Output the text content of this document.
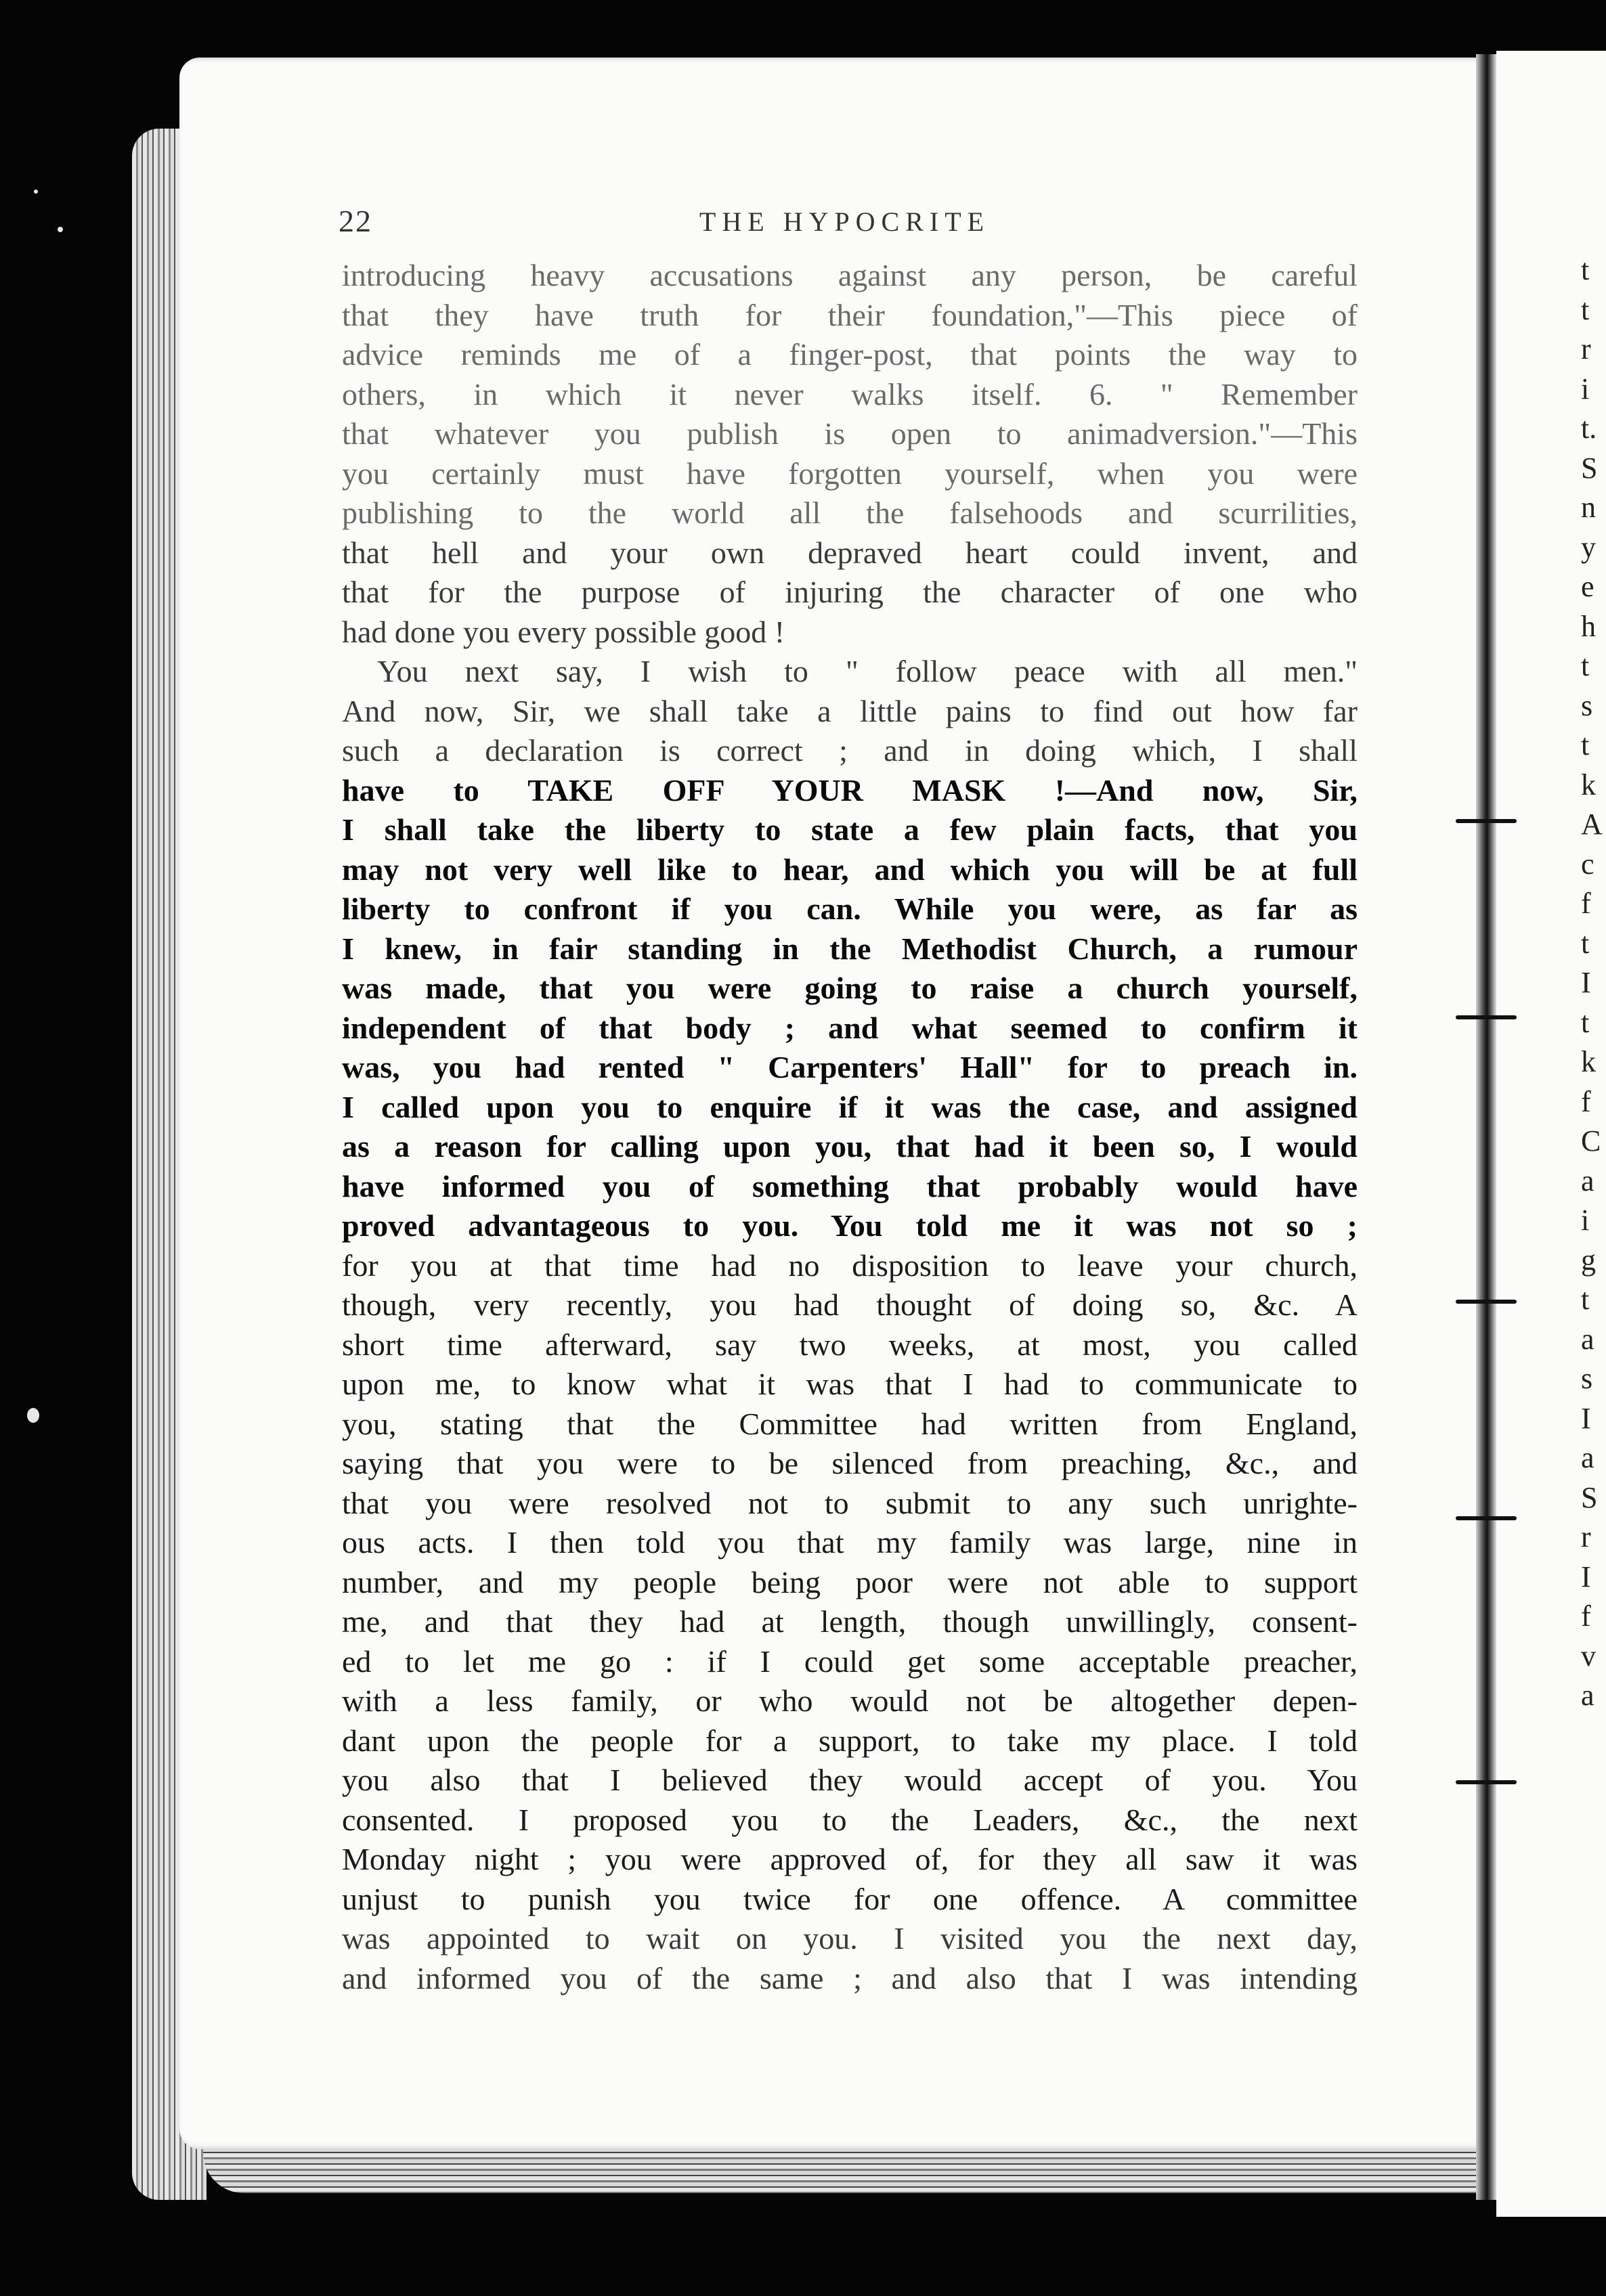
22	THE HYPOCRITE
introducing heavy accusations against any person, be careful
that they have truth for their foundation,"—This piece of
advice reminds me of a finger-post, that points the way to
others, in which it never walks itself. 6. " Remember
that whatever you publish is open to animadversion."—This
you certainly must have forgotten yourself, when you were
publishing to the world all the falsehoods and scurrilities,
that hell and your own depraved heart could invent, and
that for the purpose of injuring the character of one who
had done you every possible good !
You next say, I wish to " follow peace with all men."
And now, Sir, we shall take a little pains to find out how far
such a declaration is correct ; and in doing which, I shall
have to TAKE OFF YOUR MASK !—And now, Sir,
I shall take the liberty to state a few plain facts, that you
may not very well like to hear, and which you will be at full
liberty to confront if you can. While you were, as far as
I knew, in fair standing in the Methodist Church, a rumour
was made, that you were going to raise a church yourself,
independent of that body ; and what seemed to confirm it
was, you had rented " Carpenters' Hall" for to preach in.
I called upon you to enquire if it was the case, and assigned
as a reason for calling upon you, that had it been so, I would
have informed you of something that probably would have
proved advantageous to you. You told me it was not so ;
for you at that time had no disposition to leave your church,
though, very recently, you had thought of doing so, &c. A
short time afterward, say two weeks, at most, you called
upon me, to know what it was that I had to communicate to
you, stating that the Committee had written from England,
saying that you were to be silenced from preaching, &c., and
that you were resolved not to submit to any such unrighte-
ous acts. I then told you that my family was large, nine in
number, and my people being poor were not able to support
me, and that they had at length, though unwillingly, consent-
ed to let me go : if I could get some acceptable preacher,
with a less family, or who would not be altogether depen-
dant upon the people for a support, to take my place. I told
you also that I believed they would accept of you. You
consented. I proposed you to the Leaders, &c., the next
Monday night ; you were approved of, for they all saw it was
unjust to punish you twice for one offence. A committee
was appointed to wait on you. I visited you the next day,
and informed you of the same ; and also that I was intending
t
t
r
i
t.
S
n
y
e
h
t
s
t
k
A
c
f
t
I
t
k
f
C
a
i
g
t
a
s
I
a
S
r
I
f
v
a
